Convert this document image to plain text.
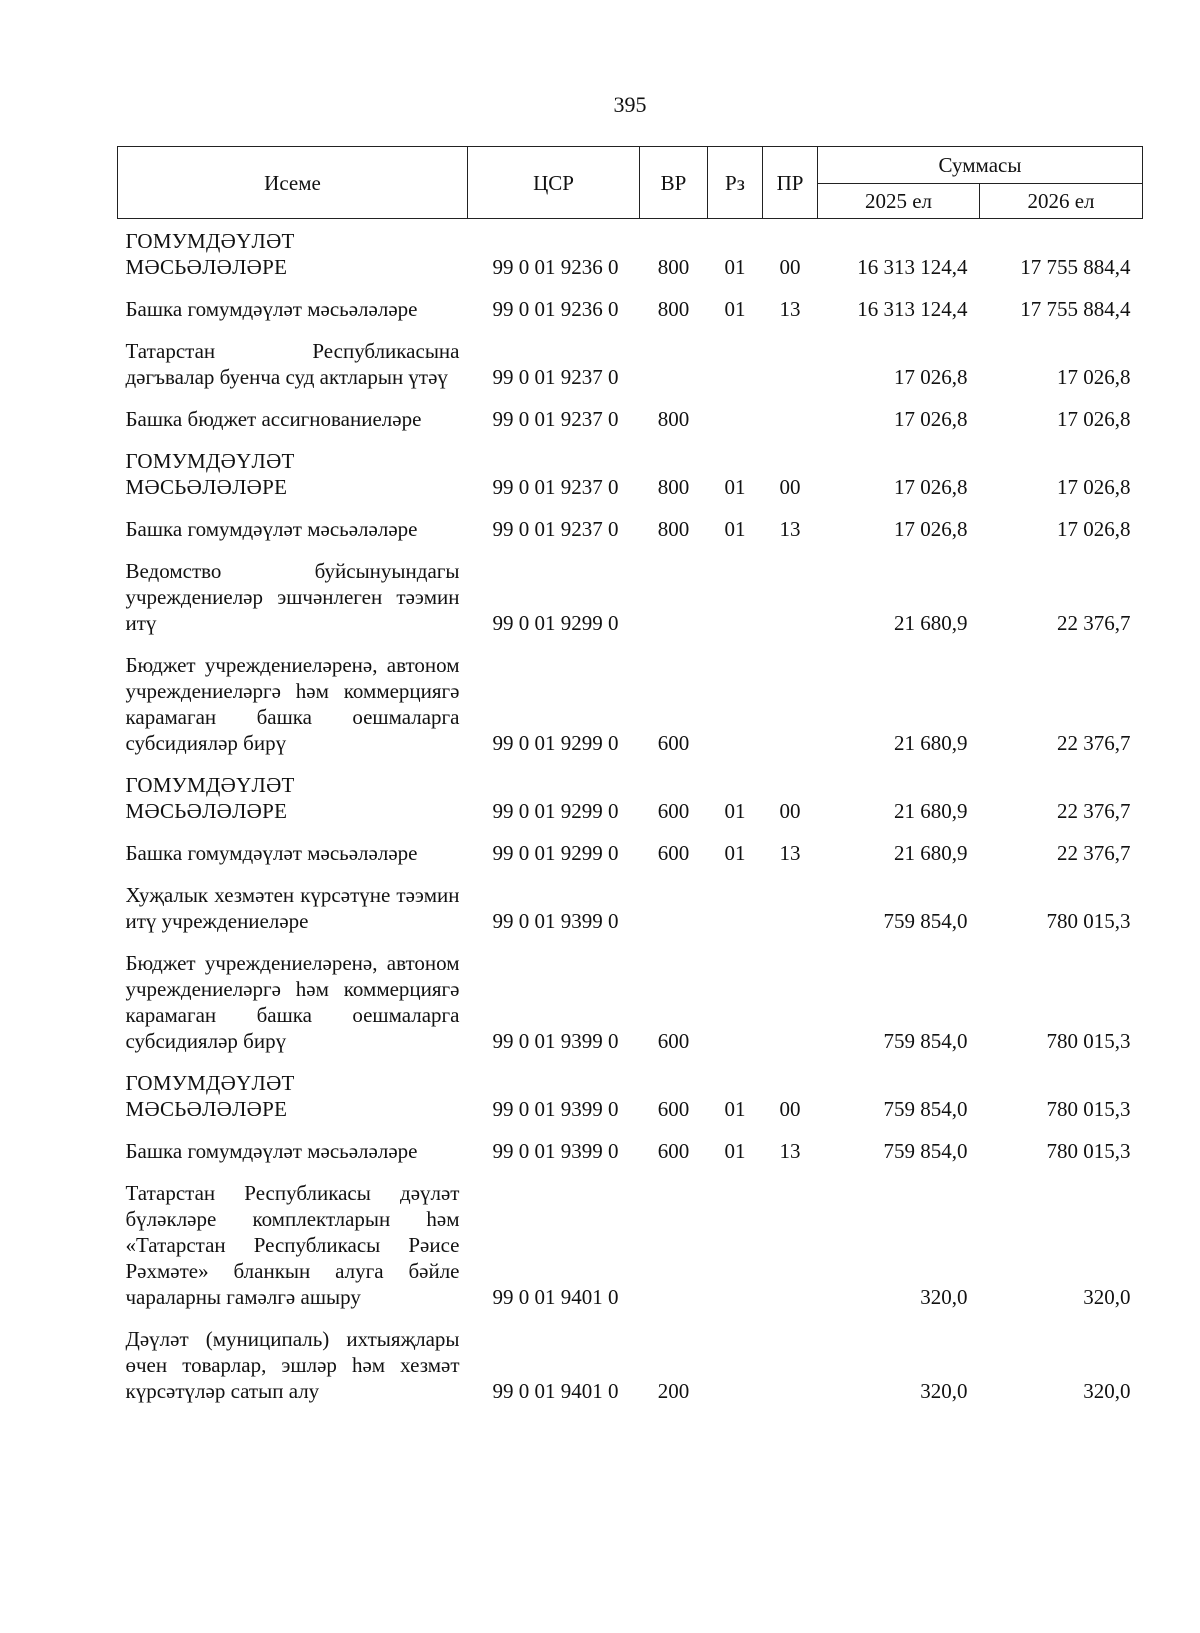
395
Исеме	ЦСР	ВР	Рз	ПР	Суммасы	
					2025 ел	2026 ел
ГОМУМДӘҮЛӘТ МӘСЬӘЛӘЛӘРЕ	99 0 01 9236 0	800	01	00	16 313 124,4	17 755 884,4
Башка гомумдәүләт мәсьәләләре	99 0 01 9236 0	800	01	13	16 313 124,4	17 755 884,4
Татарстан Республикасына дәгъвалар буенча суд актларын үтәү	99 0 01 9237 0				17 026,8	17 026,8
Башка бюджет ассигнованиеләре	99 0 01 9237 0	800			17 026,8	17 026,8
ГОМУМДӘҮЛӘТ МӘСЬӘЛӘЛӘРЕ	99 0 01 9237 0	800	01	00	17 026,8	17 026,8
Башка гомумдәүләт мәсьәләләре	99 0 01 9237 0	800	01	13	17 026,8	17 026,8
Ведомство буйсынуындагы учреждениеләр эшчәнлеген тәэмин итү	99 0 01 9299 0				21 680,9	22 376,7
Бюджет учреждениеләренә, автоном учреждениеләргә һәм коммерциягә карамаган башка оешмаларга субсидияләр бирү	99 0 01 9299 0	600			21 680,9	22 376,7
ГОМУМДӘҮЛӘТ МӘСЬӘЛӘЛӘРЕ	99 0 01 9299 0	600	01	00	21 680,9	22 376,7
Башка гомумдәүләт мәсьәләләре	99 0 01 9299 0	600	01	13	21 680,9	22 376,7
Хуҗалык хезмәтен күрсәтүне тәэмин итү учреждениеләре	99 0 01 9399 0				759 854,0	780 015,3
Бюджет учреждениеләренә, автоном учреждениеләргә һәм коммерциягә карамаган башка оешмаларга субсидияләр бирү	99 0 01 9399 0	600			759 854,0	780 015,3
ГОМУМДӘҮЛӘТ МӘСЬӘЛӘЛӘРЕ	99 0 01 9399 0	600	01	00	759 854,0	780 015,3
Башка гомумдәүләт мәсьәләләре	99 0 01 9399 0	600	01	13	759 854,0	780 015,3
Татарстан Республикасы дәүләт бүләкләре комплектларын һәм «Татарстан Республикасы Рәисе Рәхмәте» бланкын алуга бәйле чараларны гамәлгә ашыру	99 0 01 9401 0				320,0	320,0
Дәүләт (муниципаль) ихтыяҗлары өчен товарлар, эшләр һәм хезмәт күрсәтүләр сатып алу	99 0 01 9401 0	200			320,0	320,0
